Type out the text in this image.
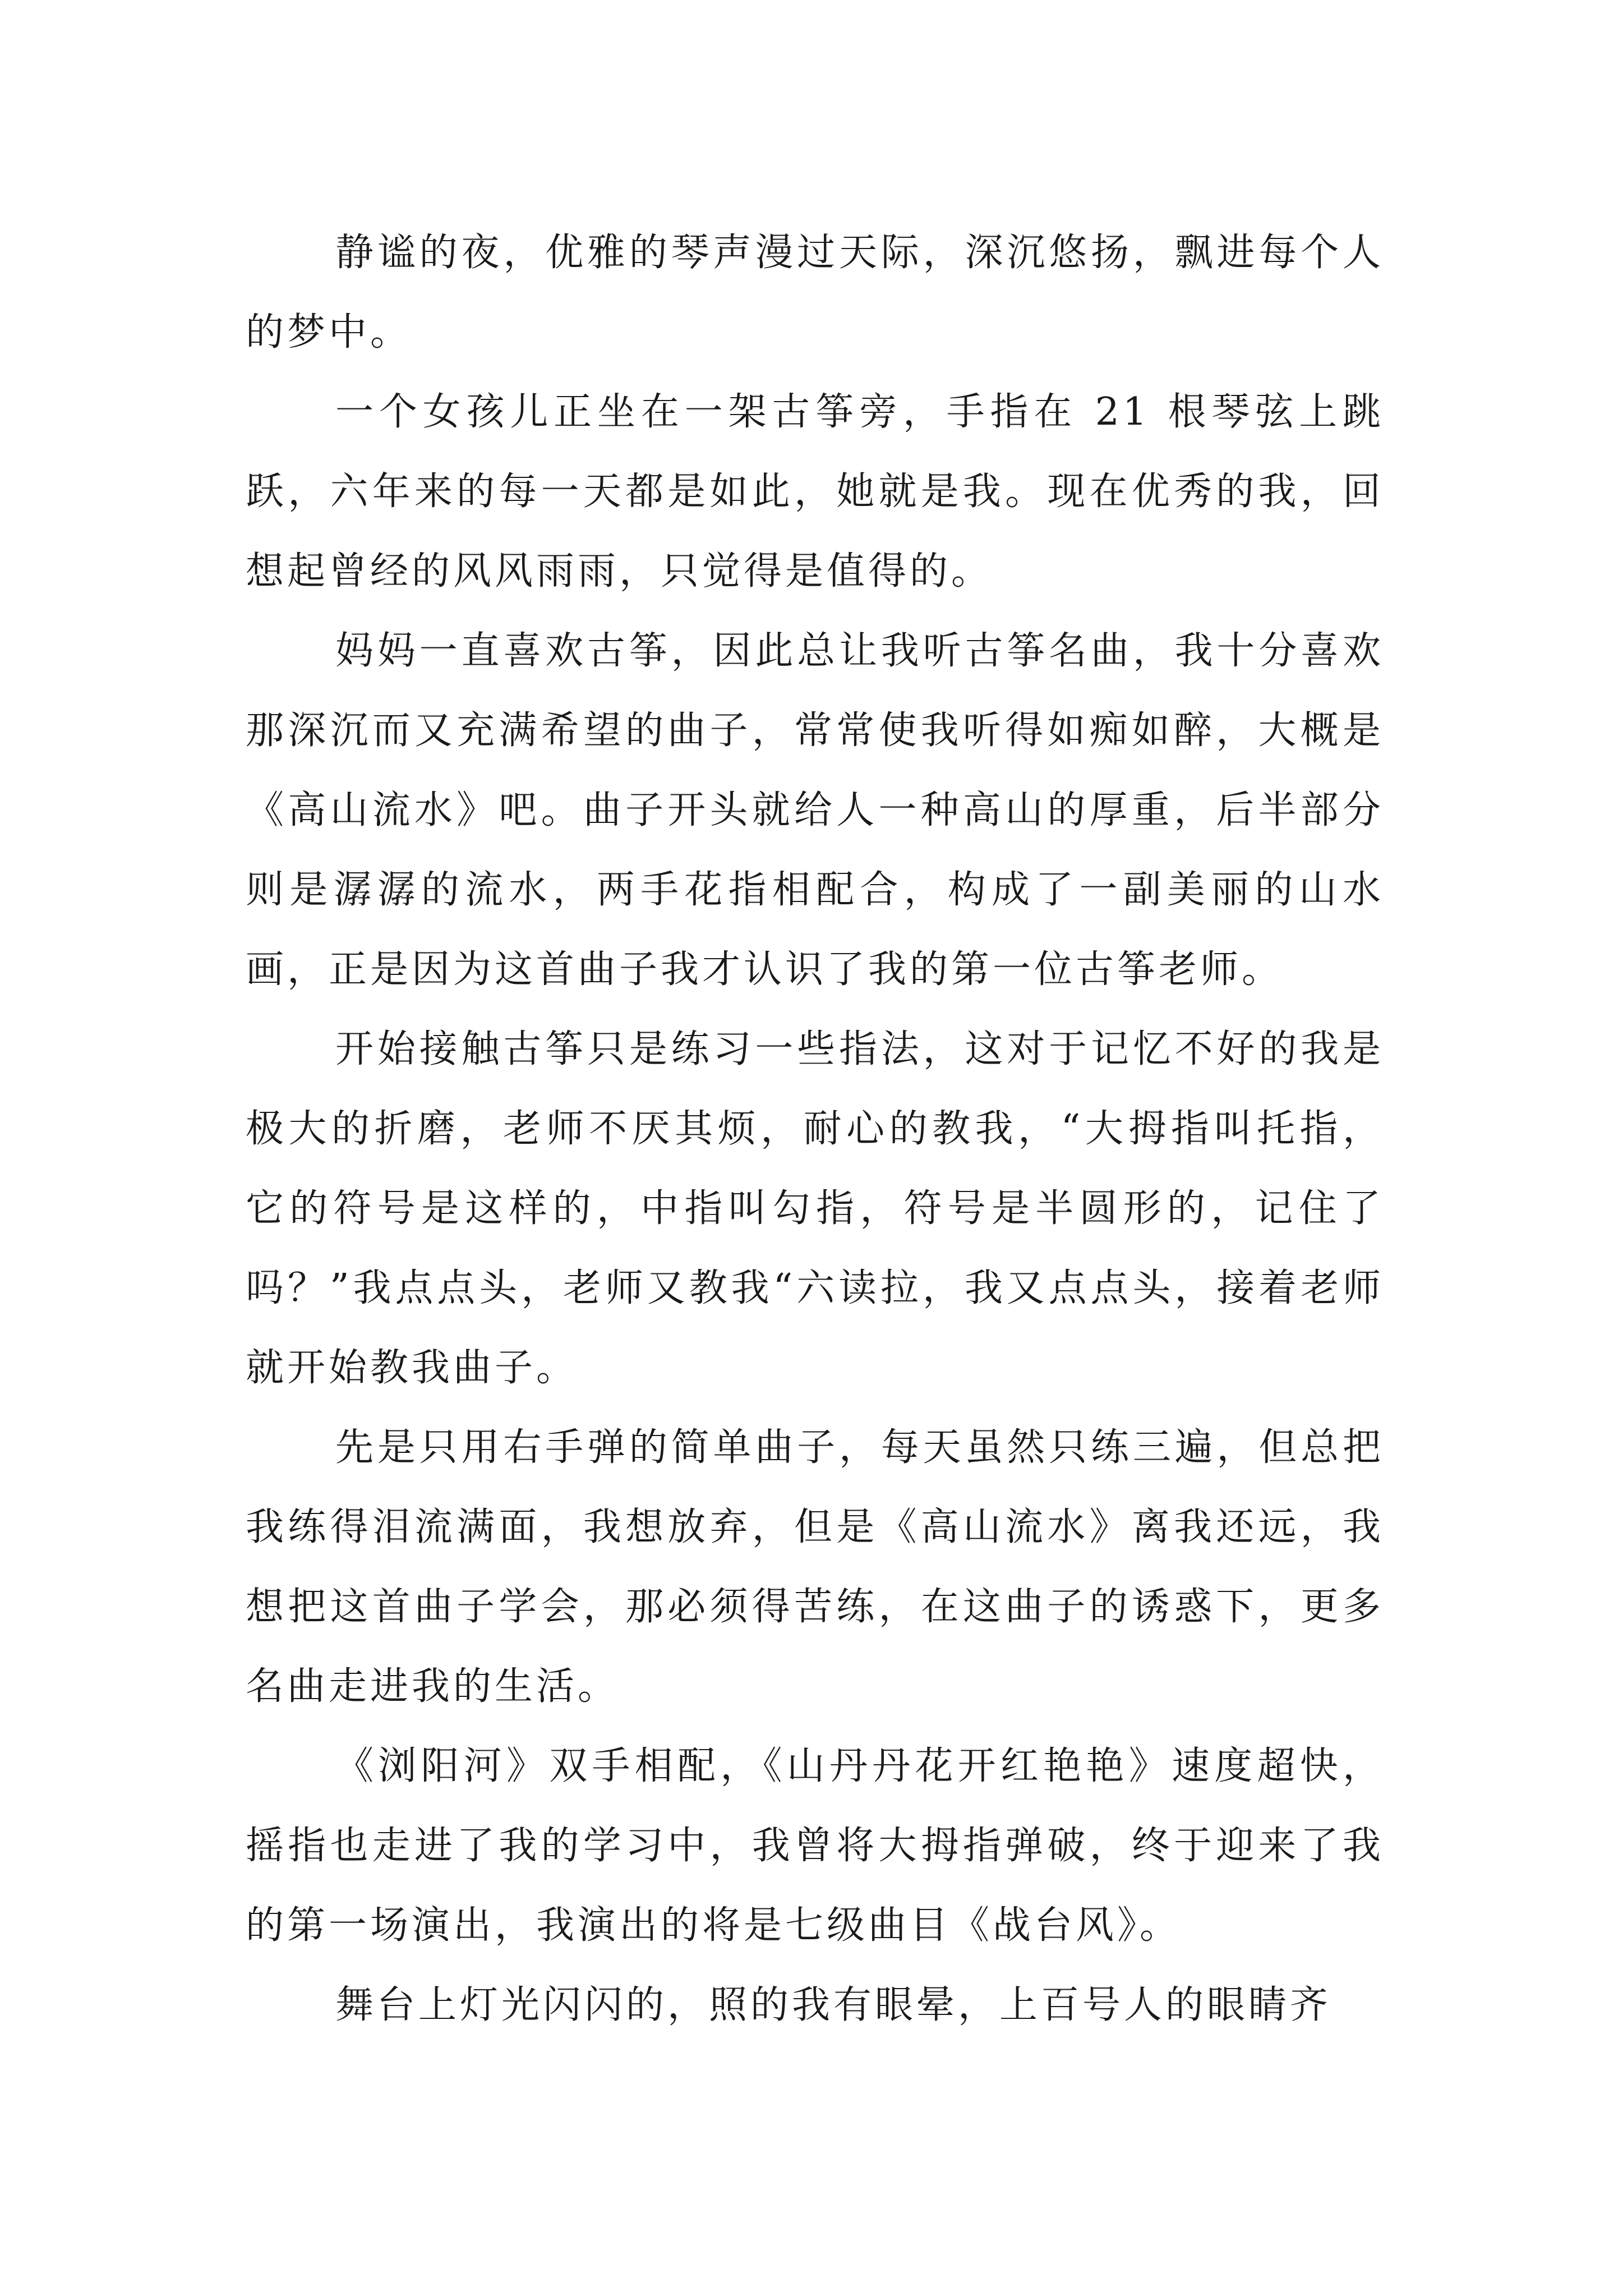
静谧的夜，优雅的琴声漫过天际，深沉悠扬，飘进每个人的梦中。

一个女孩儿正坐在一架古筝旁，手指在 21 根琴弦上跳跃，六年来的每一天都是如此，她就是我。现在优秀的我，回想起曾经的风风雨雨，只觉得是值得的。

妈妈一直喜欢古筝，因此总让我听古筝名曲，我十分喜欢那深沉而又充满希望的曲子，常常使我听得如痴如醉，大概是《高山流水》吧。曲子开头就给人一种高山的厚重，后半部分则是潺潺的流水，两手花指相配合，构成了一副美丽的山水画，正是因为这首曲子我才认识了我的第一位古筝老师。

开始接触古筝只是练习一些指法，这对于记忆不好的我是极大的折磨，老师不厌其烦，耐心的教我，“大拇指叫托指，它的符号是这样的，中指叫勾指，符号是半圆形的，记住了吗？”我点点头，老师又教我“六读拉，我又点点头，接着老师就开始教我曲子。

先是只用右手弹的简单曲子，每天虽然只练三遍，但总把我练得泪流满面，我想放弃，但是《高山流水》离我还远，我想把这首曲子学会，那必须得苦练，在这曲子的诱惑下，更多名曲走进我的生活。

《浏阳河》双手相配，《山丹丹花开红艳艳》速度超快，摇指也走进了我的学习中，我曾将大拇指弹破，终于迎来了我的第一场演出，我演出的将是七级曲目《战台风》。

舞台上灯光闪闪的，照的我有眼晕，上百号人的眼睛齐
